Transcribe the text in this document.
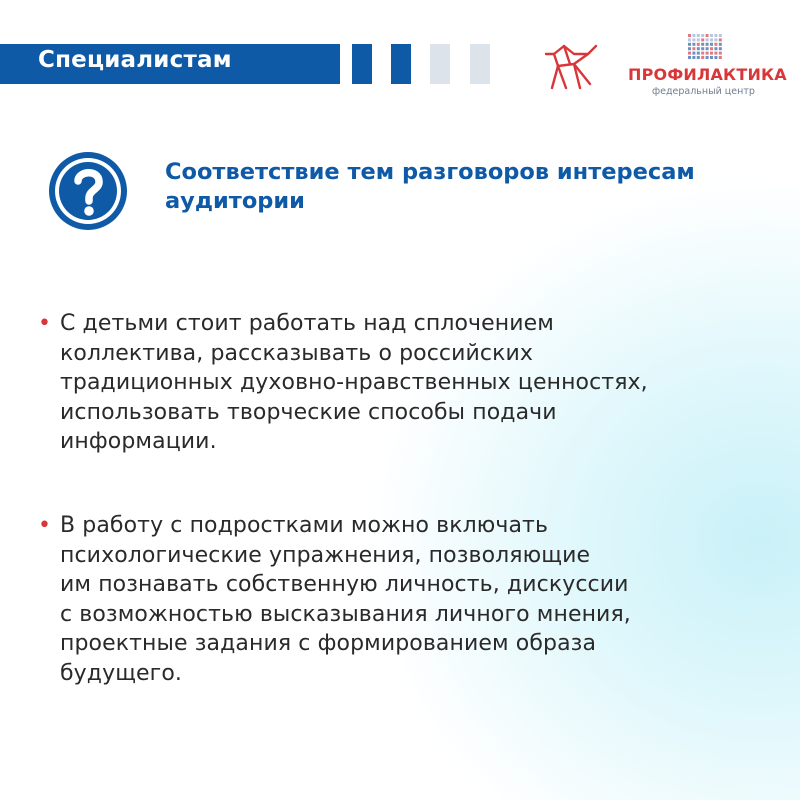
Специалистам
ПРОФИЛАКТИКА
федеральный центр
Соответствие тем разговоров интересам
аудитории
• С детьми стоит работать над сплочением
коллектива, рассказывать о российских
традиционных духовно-нравственных ценностях,
использовать творческие способы подачи
информации.
• В работу с подростками можно включать
психологические упражнения, позволяющие
им познавать собственную личность, дискуссии
с возможностью высказывания личного мнения,
проектные задания с формированием образа
будущего.
